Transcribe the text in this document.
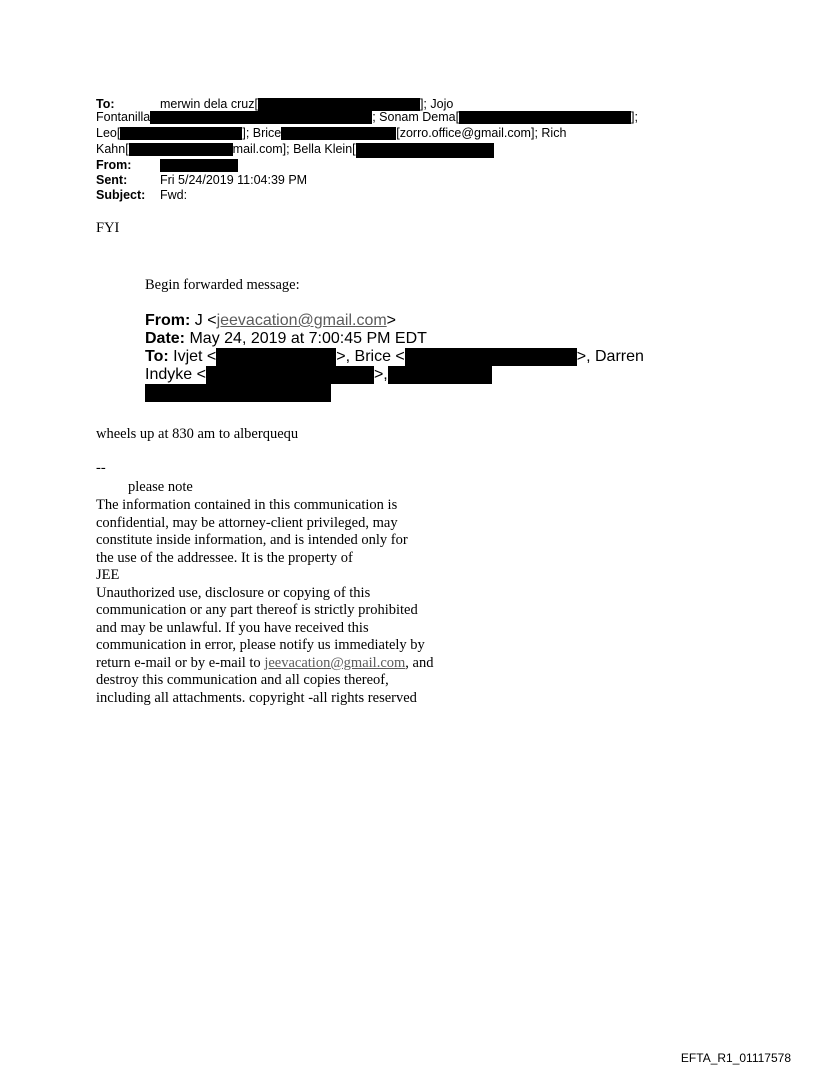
To:	merwin dela cruz[	]; Jojo
Fontanilla	; Sonam Dema[	];
Leo[	]; Brice	[zorro.office@gmail.com]; Rich
Kahn[	mail.com]; Bella Klein[
From:
Sent:	Fri 5/24/2019 11:04:39 PM
Subject: Fwd:
FYI
Begin forwarded message:
From: J <jeevacation@gmail.com>
Date: May 24, 2019 at 7:00:45 PM EDT
To: Ivjet <	>, Brice <	>, Darren
Indyke <	>,
wheels up at 830 am to alberquequ
--
please note
The information contained in this communication is
confidential, may be attorney-client privileged, may
constitute inside information, and is intended only for
the use of the addressee. It is the property of
JEE
Unauthorized use, disclosure or copying of this
communication or any part thereof is strictly prohibited
and may be unlawful. If you have received this
communication in error, please notify us immediately by
return e-mail or by e-mail to jeevacation@gmail.com, and
destroy this communication and all copies thereof,
including all attachments. copyright -all rights reserved
EFTA_R1_01117578
